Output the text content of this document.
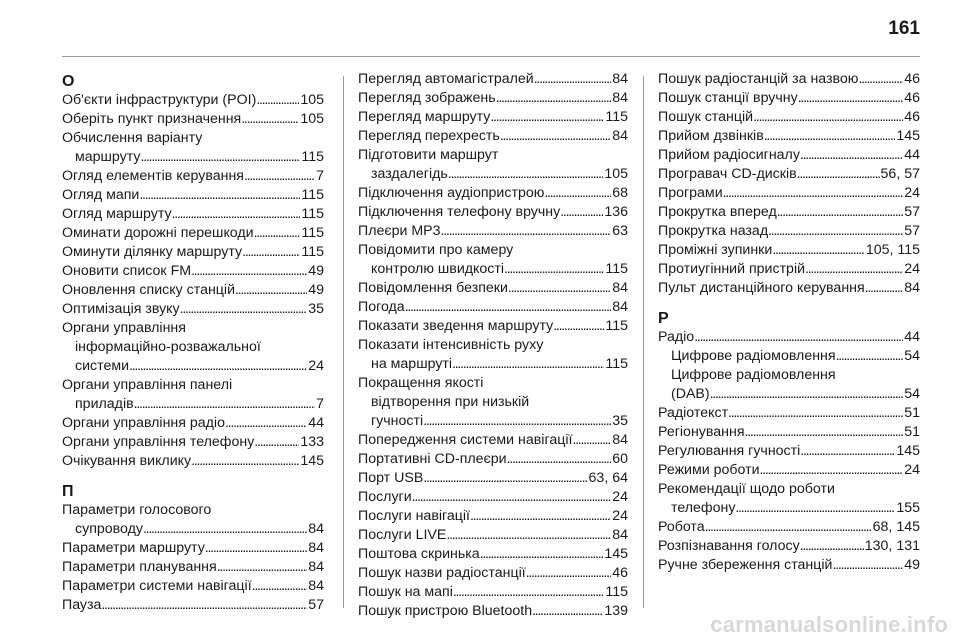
161
О
Об'єкти інфраструктури (POI) . . .	105
Оберіть пункт призначення . . .	105
Обчислення варіанту
маршруту . . .	115
Огляд елементів керування . . .	7
Огляд мапи . . .	115
Огляд маршруту . . .	115
Оминати дорожні перешкоди . . .	115
Оминути ділянку маршруту . . .	115
Оновити список FM . . .	49
Оновлення списку станцій . . .	49
Оптимізація звуку . . .	35
Органи управління
інформаційно-розважальної
системи . . .	24
Органи управління панелі
приладів . . .	7
Органи управління радіо . . .	44
Органи управління телефону . . .	133
Очікування виклику . . .	145
П
Параметри голосового
супроводу . . .	84
Параметри маршруту . . .	84
Параметри планування . . .	84
Параметри системи навігації . . .	84
Пауза . . .	57
Перегляд автомагістралей . . .	84
Перегляд зображень . . .	84
Перегляд маршруту . . .	115
Перегляд перехресть . . .	84
Підготовити маршрут
заздалегідь . . .	105
Підключення аудіопристрою . . .	68
Підключення телефону вручну . . .	136
Плеєри MP3 . . .	63
Повідомити про камеру
контролю швидкості . . .	115
Повідомлення безпеки . . .	84
Погода . . .	84
Показати зведення маршруту . . .	115
Показати інтенсивність руху
на маршруті . . .	115
Покращення якості
відтворення при низькій
гучності . . .	35
Попередження системи навігації . . .	84
Портативні CD-плеєри . . .	60
Порт USB . . .	63, 64
Послуги . . .	24
Послуги навігації . . .	24
Послуги LIVE . . .	84
Поштова скринька . . .	145
Пошук назви радіостанції . . .	46
Пошук на мапі . . .	115
Пошук пристрою Bluetooth . . .	139
Пошук радіостанцій за назвою . . .	46
Пошук станції вручну . . .	46
Пошук станцій . . .	46
Прийом дзвінків . . .	145
Прийом радіосигналу . . .	44
Програвач CD-дисків . . .	56, 57
Програми . . .	24
Прокрутка вперед . . .	57
Прокрутка назад . . .	57
Проміжні зупинки . . .	105, 115
Протиугінний пристрій . . .	24
Пульт дистанційного керування . . .	84
Р
Радіо . . .	44
Цифрове радіомовлення . . .	54
Цифрове радіомовлення
(DAB) . . .	54
Радіотекст . . .	51
Регіонування . . .	51
Регулювання гучності . . .	145
Режими роботи . . .	24
Рекомендації щодо роботи
телефону . . .	155
Робота . . .	68, 145
Розпізнавання голосу . . .	130, 131
Ручне збереження станцій . . .	49
carmanualsonline.info
